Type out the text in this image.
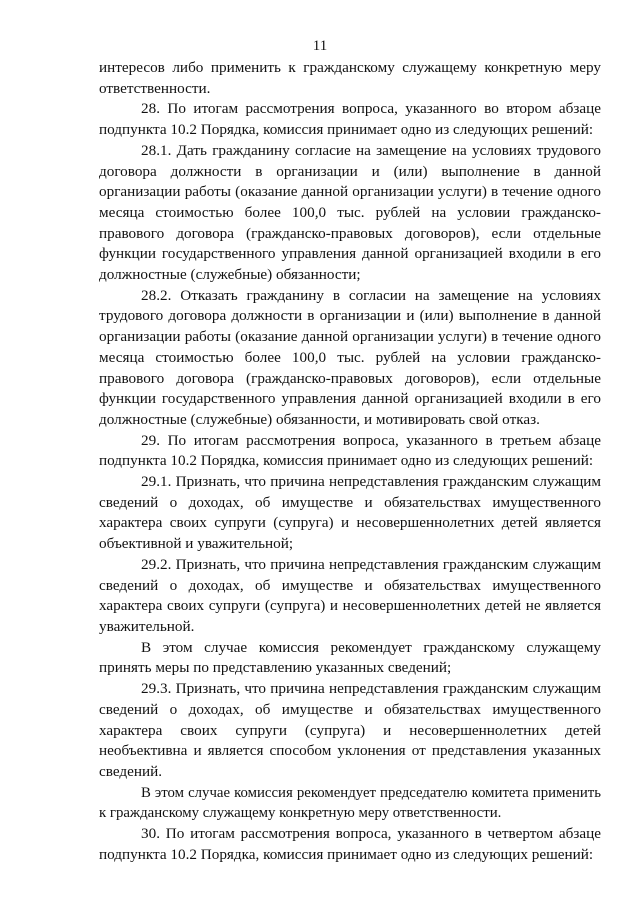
11

интересов либо применить к гражданскому служащему конкретную меру ответственности.

28. По итогам рассмотрения вопроса, указанного во втором абзаце подпункта 10.2 Порядка, комиссия принимает одно из следующих решений:

28.1. Дать гражданину согласие на замещение на условиях трудового договора должности в организации и (или) выполнение в данной организации работы (оказание данной организации услуги) в течение одного месяца стоимостью более 100,0 тыс. рублей на условии гражданско-правового договора (гражданско-правовых договоров), если отдельные функции государственного управления данной организацией входили в его должностные (служебные) обязанности;

28.2. Отказать гражданину в согласии на замещение на условиях трудового договора должности в организации и (или) выполнение в данной организации работы (оказание данной организации услуги) в течение одного месяца стоимостью более 100,0 тыс. рублей на условии гражданско-правового договора (гражданско-правовых договоров), если отдельные функции государственного управления данной организацией входили в его должностные (служебные) обязанности, и мотивировать свой отказ.

29. По итогам рассмотрения вопроса, указанного в третьем абзаце подпункта 10.2 Порядка, комиссия принимает одно из следующих решений:

29.1. Признать, что причина непредставления гражданским служащим сведений о доходах, об имуществе и обязательствах имущественного характера своих супруги (супруга) и несовершеннолетних детей является объективной и уважительной;

29.2. Признать, что причина непредставления гражданским служащим сведений о доходах, об имуществе и обязательствах имущественного характера своих супруги (супруга) и несовершеннолетних детей не является уважительной.

В этом случае комиссия рекомендует гражданскому служащему принять меры по представлению указанных сведений;

29.3. Признать, что причина непредставления гражданским служащим сведений о доходах, об имуществе и обязательствах имущественного характера своих супруги (супруга) и несовершеннолетних детей необъективна и является способом уклонения от представления указанных сведений.

В этом случае комиссия рекомендует председателю комитета применить к гражданскому служащему конкретную меру ответственности.

30. По итогам рассмотрения вопроса, указанного в четвертом абзаце подпункта 10.2 Порядка, комиссия принимает одно из следующих решений:
